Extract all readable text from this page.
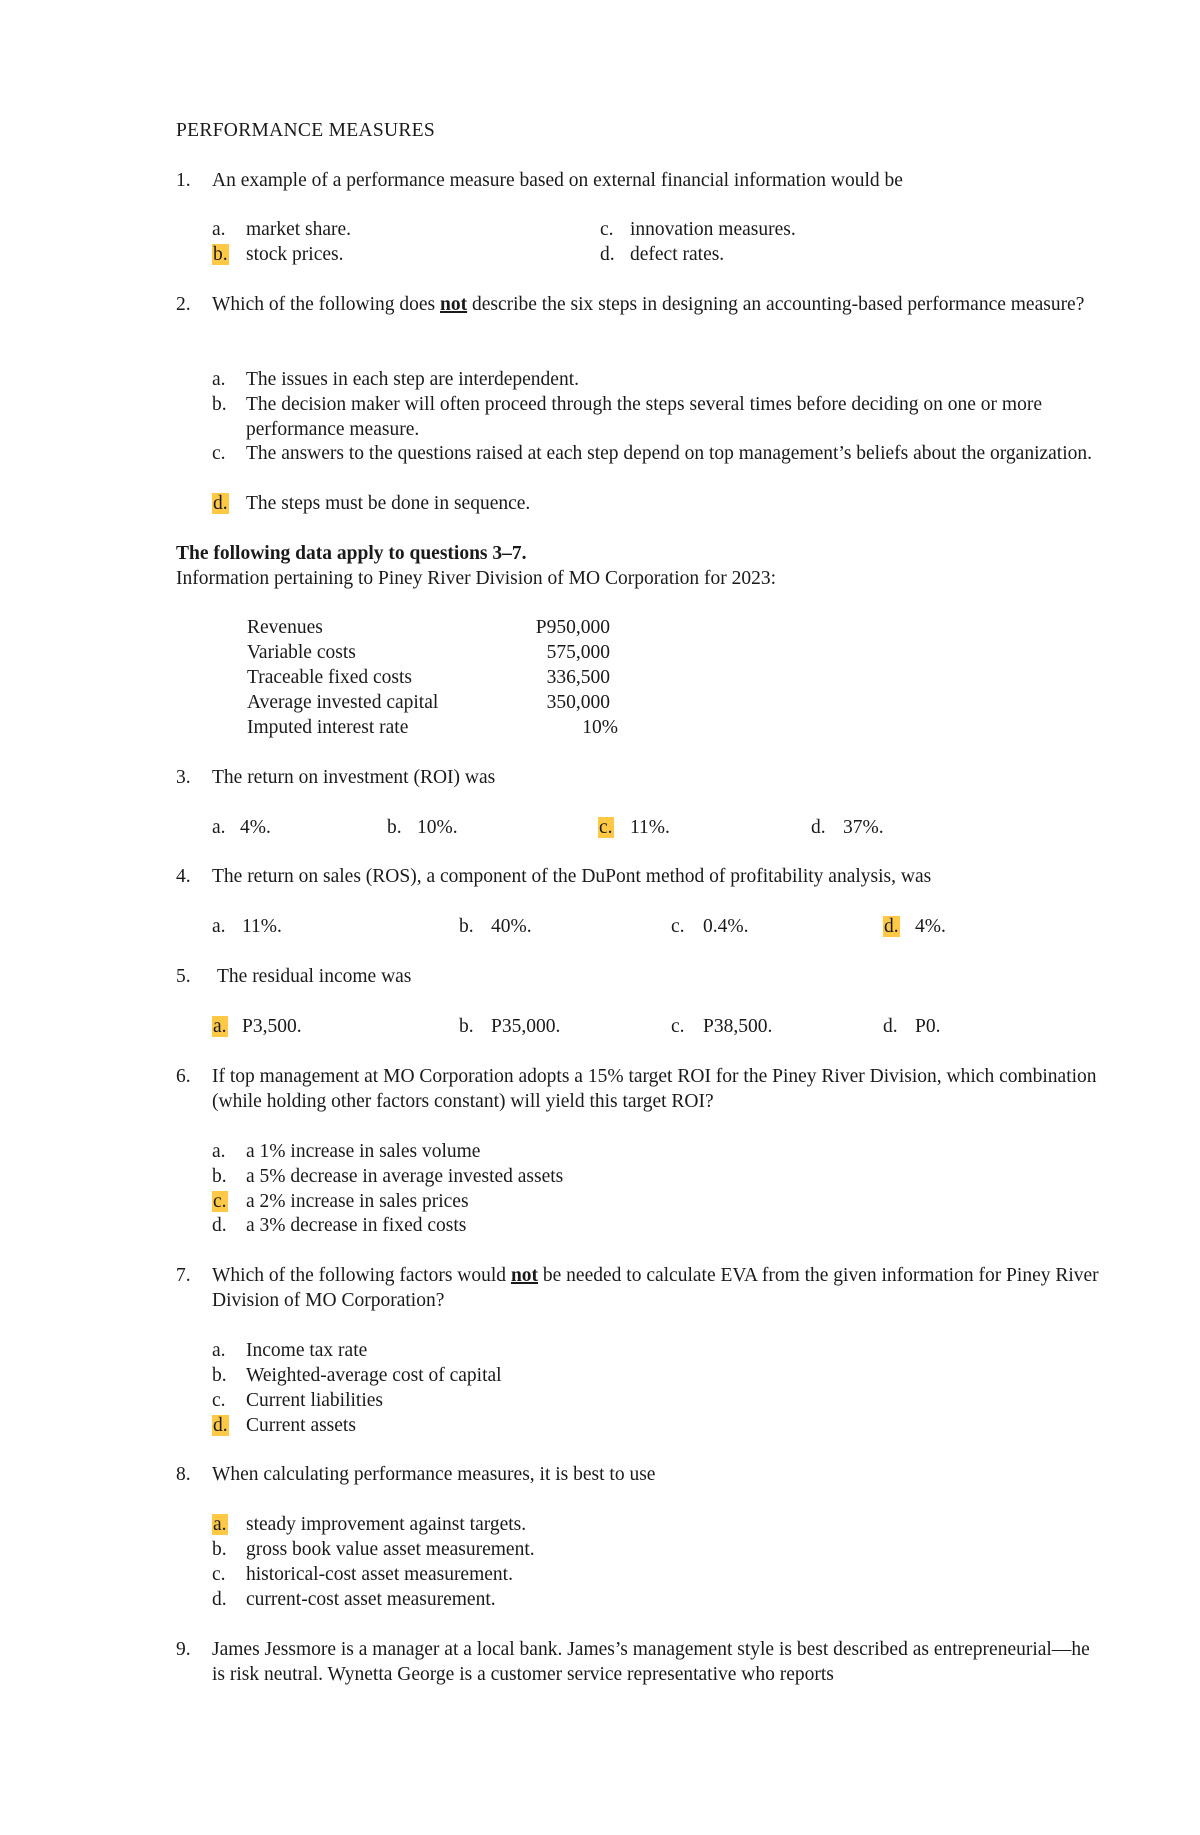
PERFORMANCE MEASURES
1. An example of a performance measure based on external financial information would be
a. market share.
b. stock prices.
c. innovation measures.
d. defect rates.
2. Which of the following does not describe the six steps in designing an accounting-based performance measure?
a. The issues in each step are interdependent.
b. The decision maker will often proceed through the steps several times before deciding on one or more performance measure.
c. The answers to the questions raised at each step depend on top management’s beliefs about the organization.
d. The steps must be done in sequence.
The following data apply to questions 3–7.
Information pertaining to Piney River Division of MO Corporation for 2023:
Revenues	P950,000
Variable costs	575,000
Traceable fixed costs	336,500
Average invested capital	350,000
Imputed interest rate	10%
3. The return on investment (ROI) was
a. 4%.	b. 10%.	c. 11%.	d. 37%.
4. The return on sales (ROS), a component of the DuPont method of profitability analysis, was
a. 11%.	b. 40%.	c. 0.4%.	d. 4%.
5. The residual income was
a. P3,500.	b. P35,000.	c. P38,500.	d. P0.
6. If top management at MO Corporation adopts a 15% target ROI for the Piney River Division, which combination (while holding other factors constant) will yield this target ROI?
a. a 1% increase in sales volume
b. a 5% decrease in average invested assets
c. a 2% increase in sales prices
d. a 3% decrease in fixed costs
7. Which of the following factors would not be needed to calculate EVA from the given information for Piney River Division of MO Corporation?
a. Income tax rate
b. Weighted-average cost of capital
c. Current liabilities
d. Current assets
8. When calculating performance measures, it is best to use
a. steady improvement against targets.
b. gross book value asset measurement.
c. historical-cost asset measurement.
d. current-cost asset measurement.
9. James Jessmore is a manager at a local bank. James’s management style is best described as entrepreneurial—he is risk neutral. Wynetta George is a customer service representative who reports
